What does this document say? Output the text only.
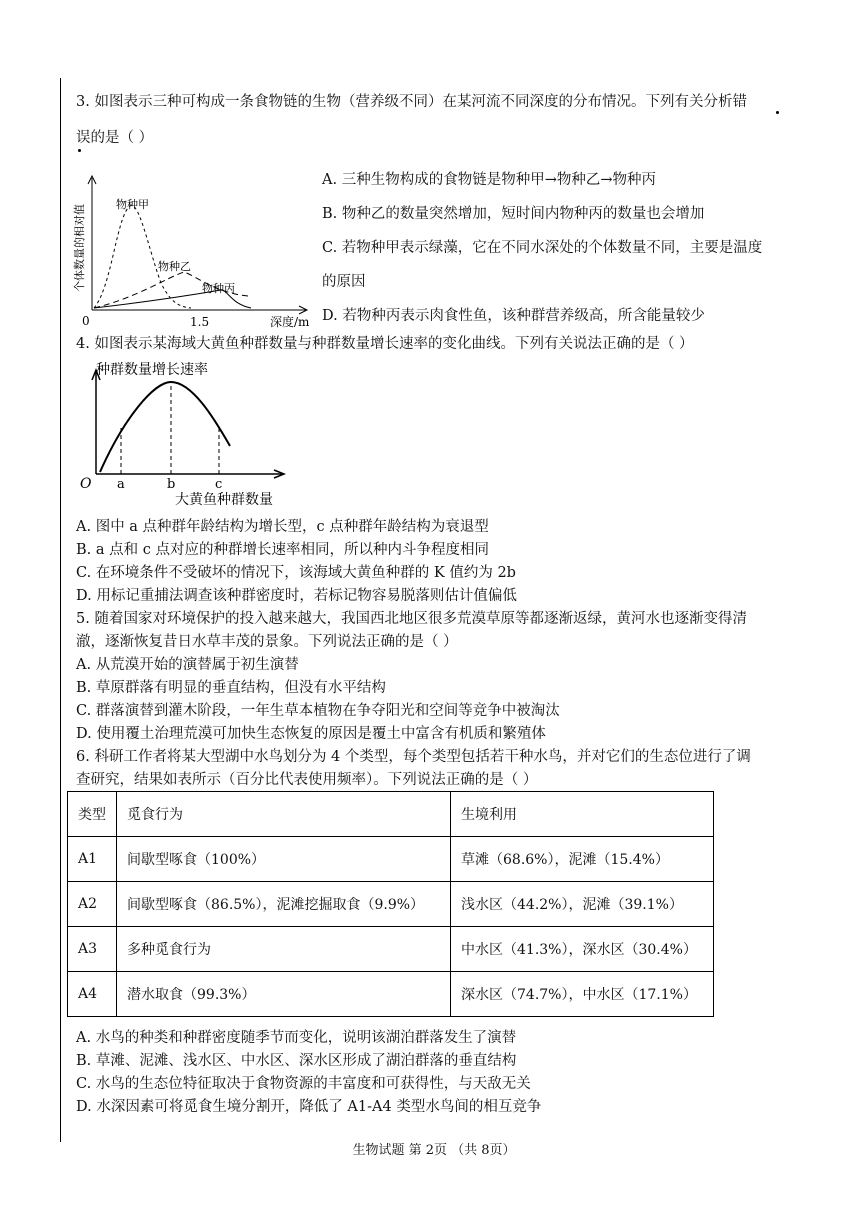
3. 如图表示三种可构成一条食物链的生物（营养级不同）在某河流不同深度的分布情况。下列有关分析错
误的是（ ）
0	1.5	深度/m
物种甲
物种乙
物种丙
个体数量的相对值
A. 三种生物构成的食物链是物种甲→物种乙→物种丙
B. 物种乙的数量突然增加，短时间内物种丙的数量也会增加
C. 若物种甲表示绿藻，它在不同水深处的个体数量不同，主要是温度
的原因
D. 若物种丙表示肉食性鱼，该种群营养级高，所含能量较少
4. 如图表示某海域大黄鱼种群数量与种群数量增长速率的变化曲线。下列有关说法正确的是（ ）
种群数量增长速率
O a	b	c
大黄鱼种群数量
A. 图中 a 点种群年龄结构为增长型，c 点种群年龄结构为衰退型
B. a 点和 c 点对应的种群增长速率相同，所以种内斗争程度相同
C. 在环境条件不受破坏的情况下，该海域大黄鱼种群的 K 值约为 2b
D. 用标记重捕法调查该种群密度时，若标记物容易脱落则估计值偏低
5. 随着国家对环境保护的投入越来越大，我国西北地区很多荒漠草原等都逐渐返绿，黄河水也逐渐变得清
澈，逐渐恢复昔日水草丰茂的景象。下列说法正确的是（ ）
A. 从荒漠开始的演替属于初生演替
B. 草原群落有明显的垂直结构，但没有水平结构
C. 群落演替到灌木阶段，一年生草本植物在争夺阳光和空间等竞争中被淘汰
D. 使用覆土治理荒漠可加快生态恢复的原因是覆土中富含有机质和繁殖体
6. 科研工作者将某大型湖中水鸟划分为 4 个类型，每个类型包括若干种水鸟，并对它们的生态位进行了调
查研究，结果如表所示（百分比代表使用频率）。下列说法正确的是（ ）
类型	觅食行为	生境利用
A1	间歇型啄食（100%）	草滩（68.6%），泥滩（15.4%）
A2	间歇型啄食（86.5%），泥滩挖掘取食（9.9%）	浅水区（44.2%），泥滩（39.1%）
A3	多种觅食行为	中水区（41.3%），深水区（30.4%）
A4	潜水取食（99.3%）	深水区（74.7%），中水区（17.1%）
A. 水鸟的种类和种群密度随季节而变化，说明该湖泊群落发生了演替
B. 草滩、泥滩、浅水区、中水区、深水区形成了湖泊群落的垂直结构
C. 水鸟的生态位特征取决于食物资源的丰富度和可获得性，与天敌无关
D. 水深因素可将觅食生境分割开，降低了 A1-A4 类型水鸟间的相互竞争
生物试题 第 2页 （共 8页）
